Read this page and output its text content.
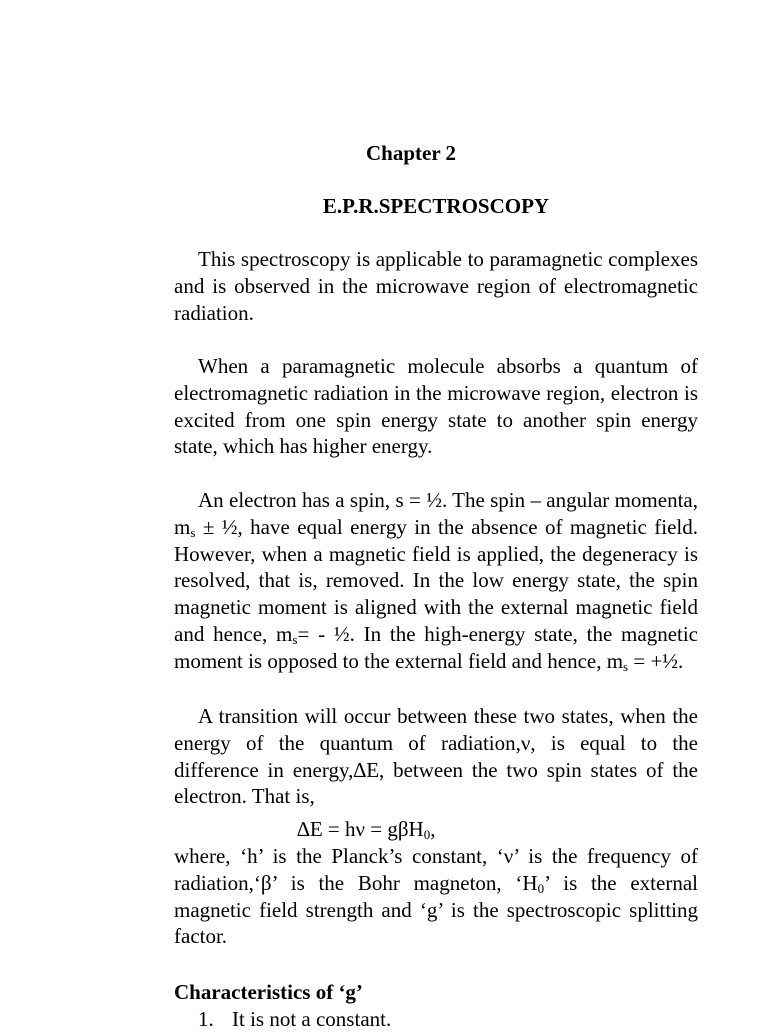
Chapter 2
E.P.R.SPECTROSCOPY

This spectroscopy is applicable to paramagnetic complexes and is observed in the microwave region of electromagnetic radiation.

When a paramagnetic molecule absorbs a quantum of electromagnetic radiation in the microwave region, electron is excited from one spin energy state to another spin energy state, which has higher energy.

An electron has a spin, s = ½. The spin – angular momenta, $m_s$ ± ½, have equal energy in the absence of magnetic field. However, when a magnetic field is applied, the degeneracy is resolved, that is, removed. In the low energy state, the spin magnetic moment is aligned with the external magnetic field and hence, $m_s=$ - ½. In the high-energy state, the magnetic moment is opposed to the external field and hence, $m_s$ = +½.

A transition will occur between these two states, when the energy of the quantum of radiation,ν, is equal to the difference in energy,∆E, between the two spin states of the electron. That is,

∆E = hν = gβH$_0$,

where, ‘h’ is the Planck’s constant, ‘ν’ is the frequency of radiation,‘β’ is the Bohr magneton, ‘$H_0$’ is the external magnetic field strength and ‘g’ is the spectroscopic splitting factor.

Characteristics of ‘g’
1. It is not a constant.
